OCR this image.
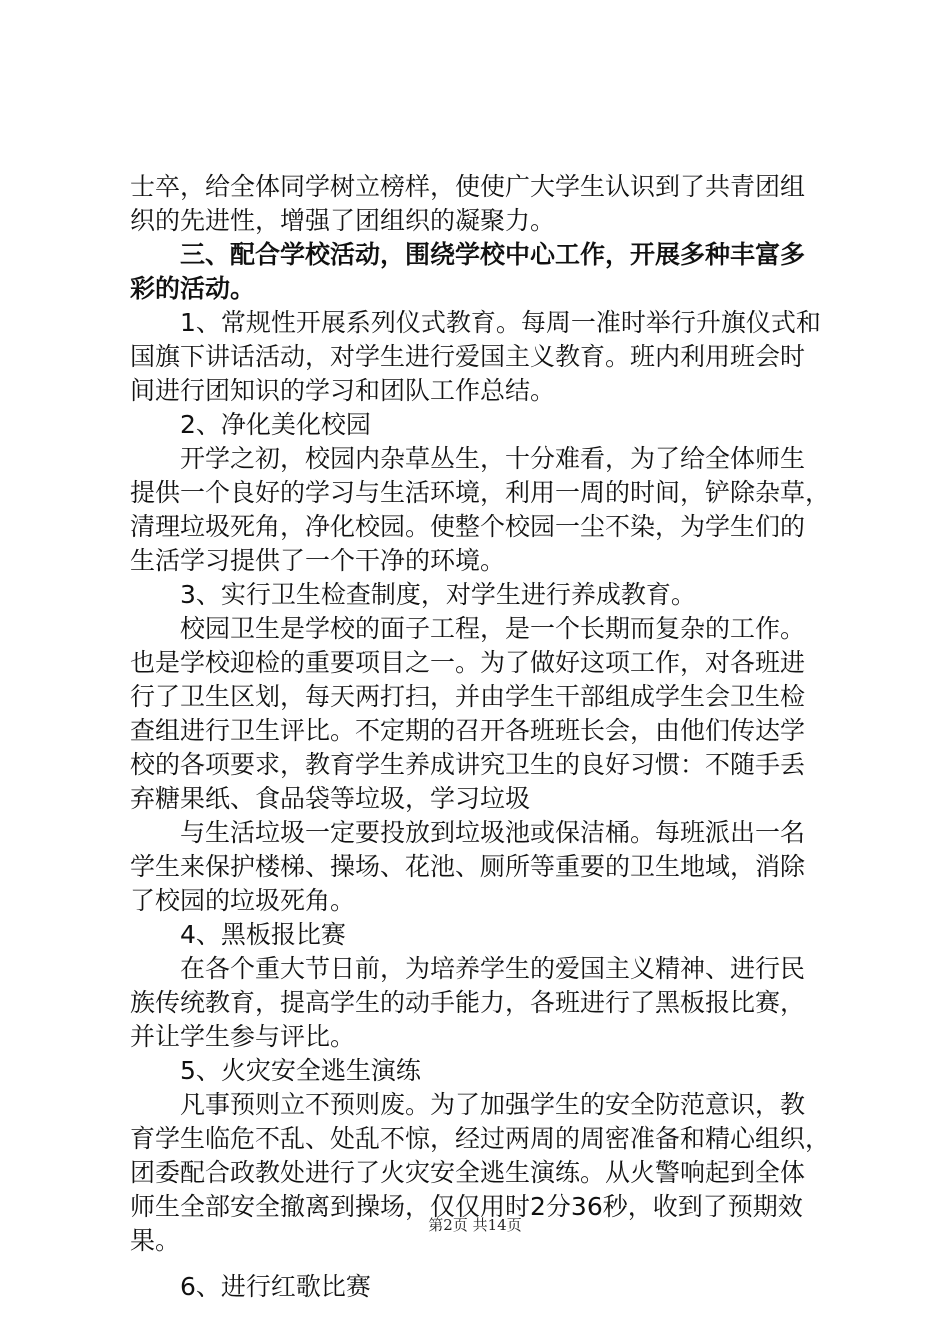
士卒，给全体同学树立榜样，使使广大学生认识到了共青团组

织的先进性，增强了团组织的凝聚力。

三、配合学校活动，围绕学校中心工作，开展多种丰富多

彩的活动。

1、常规性开展系列仪式教育。每周一准时举行升旗仪式和

国旗下讲话活动，对学生进行爱国主义教育。班内利用班会时

间进行团知识的学习和团队工作总结。

2、净化美化校园

开学之初，校园内杂草丛生，十分难看，为了给全体师生

提供一个良好的学习与生活环境，利用一周的时间，铲除杂草，

清理垃圾死角，净化校园。使整个校园一尘不染，为学生们的

生活学习提供了一个干净的环境。

3、实行卫生检查制度，对学生进行养成教育。

校园卫生是学校的面子工程，是一个长期而复杂的工作。

也是学校迎检的重要项目之一。为了做好这项工作，对各班进

行了卫生区划，每天两打扫，并由学生干部组成学生会卫生检

查组进行卫生评比。不定期的召开各班班长会，由他们传达学

校的各项要求，教育学生养成讲究卫生的良好习惯：不随手丢

弃糖果纸、食品袋等垃圾，学习垃圾

与生活垃圾一定要投放到垃圾池或保洁桶。每班派出一名

学生来保护楼梯、操场、花池、厕所等重要的卫生地域，消除

了校园的垃圾死角。

4、黑板报比赛

在各个重大节日前，为培养学生的爱国主义精神、进行民

族传统教育，提高学生的动手能力，各班进行了黑板报比赛，

并让学生参与评比。

5、火灾安全逃生演练

凡事预则立不预则废。为了加强学生的安全防范意识，教

育学生临危不乱、处乱不惊，经过两周的周密准备和精心组织，

团委配合政教处进行了火灾安全逃生演练。从火警响起到全体

师生全部安全撤离到操场，仅仅用时2分36秒，收到了预期效

果。

6、进行红歌比赛

第2页 共14页
